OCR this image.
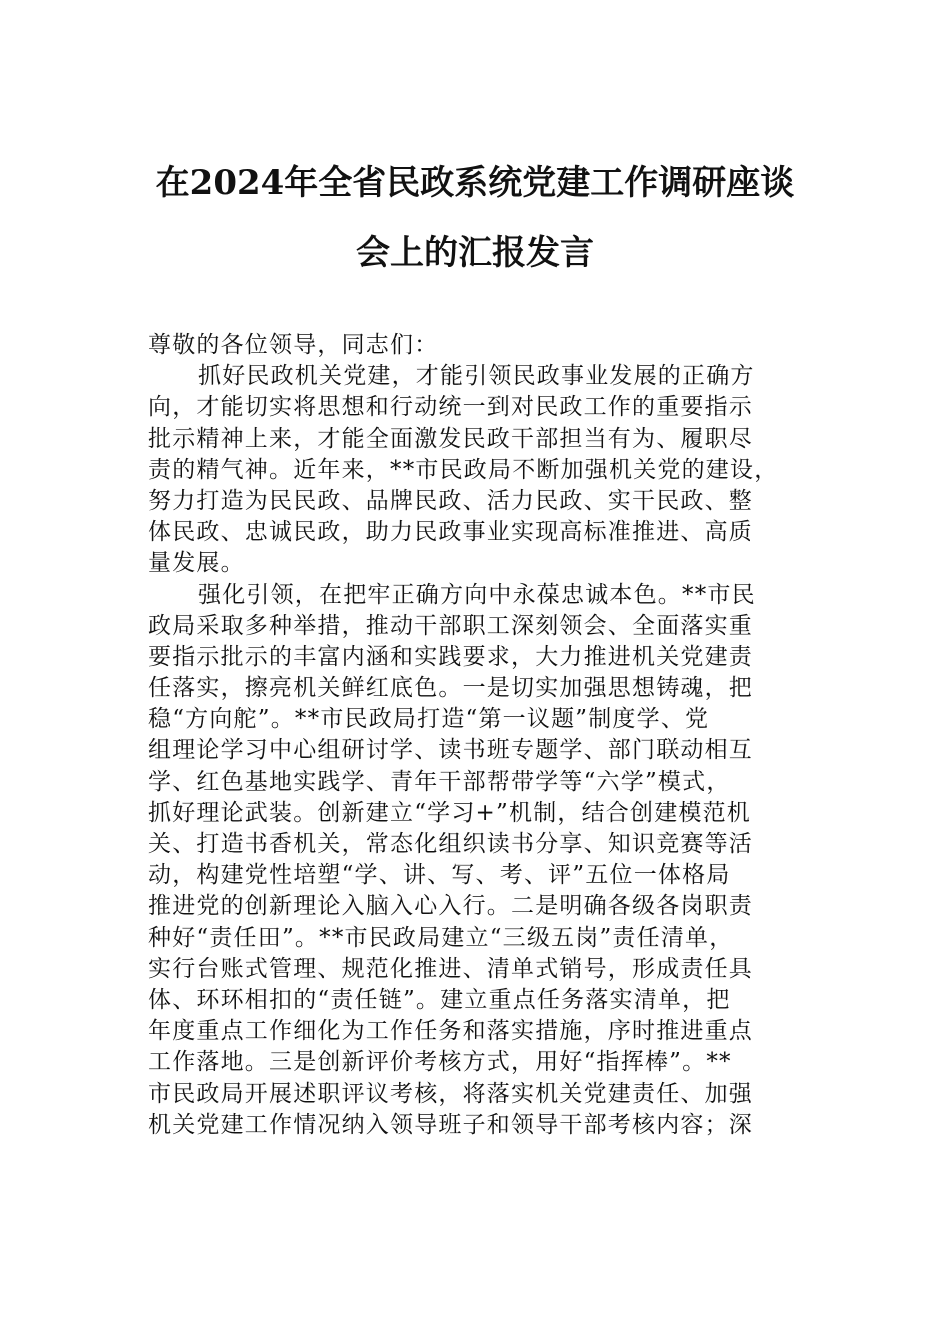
在2024年全省民政系统党建工作调研座谈
会上的汇报发言
尊敬的各位领导，同志们：
抓好民政机关党建，才能引领民政事业发展的正确方
向，才能切实将思想和行动统一到对民政工作的重要指示
批示精神上来，才能全面激发民政干部担当有为、履职尽
责的精气神。近年来，**市民政局不断加强机关党的建设，
努力打造为民民政、品牌民政、活力民政、实干民政、整
体民政、忠诚民政，助力民政事业实现高标准推进、高质
量发展。
强化引领，在把牢正确方向中永葆忠诚本色。**市民
政局采取多种举措，推动干部职工深刻领会、全面落实重
要指示批示的丰富内涵和实践要求，大力推进机关党建责
任落实，擦亮机关鲜红底色。一是切实加强思想铸魂，把
稳“方向舵”。**市民政局打造“第一议题”制度学、党
组理论学习中心组研讨学、读书班专题学、部门联动相互
学、红色基地实践学、青年干部帮带学等“六学”模式，
抓好理论武装。创新建立“学习+”机制，结合创建模范机
关、打造书香机关，常态化组织读书分享、知识竞赛等活
动，构建党性培塑“学、讲、写、考、评”五位一体格局
推进党的创新理论入脑入心入行。二是明确各级各岗职责
种好“责任田”。**市民政局建立“三级五岗”责任清单，
实行台账式管理、规范化推进、清单式销号，形成责任具
体、环环相扣的“责任链”。建立重点任务落实清单，把
年度重点工作细化为工作任务和落实措施，序时推进重点
工作落地。三是创新评价考核方式，用好“指挥棒”。**
市民政局开展述职评议考核，将落实机关党建责任、加强
机关党建工作情况纳入领导班子和领导干部考核内容；深
